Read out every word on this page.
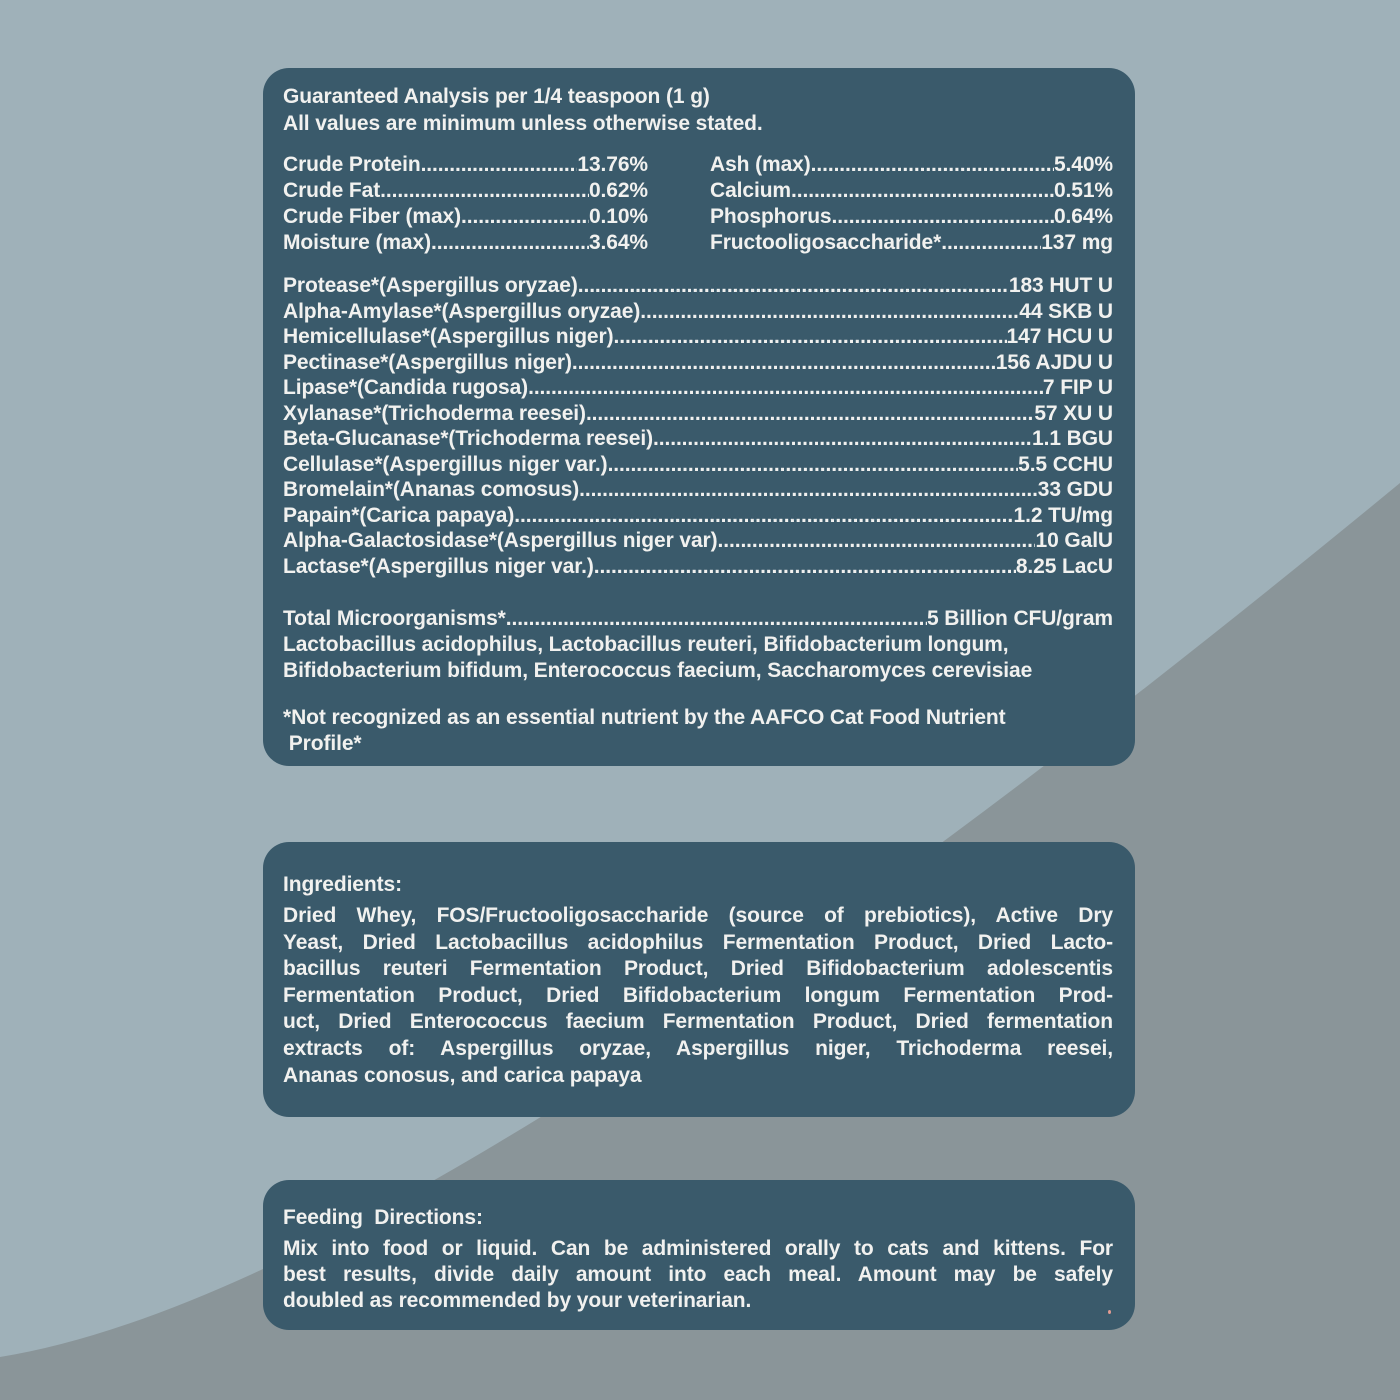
Guaranteed Analysis per 1/4 teaspoon (1 g)
All values are minimum unless otherwise stated.
Crude Protein .....	13.76%
Crude Fat .....	0.62%
Crude Fiber (max) .....	0.10%
Moisture (max) .....	3.64%
Ash (max) .....	5.40%
Calcium .....	0.51%
Phosphorus .....	0.64%
Fructooligosaccharide* .....	137 mg
Protease*(Aspergillus oryzae) .....	183 HUT U
Alpha-Amylase*(Aspergillus oryzae) .....	44 SKB U
Hemicellulase*(Aspergillus niger) .....	147 HCU U
Pectinase*(Aspergillus niger) .....	156 AJDU U
Lipase*(Candida rugosa) .....	7 FIP U
Xylanase*(Trichoderma reesei) .....	57 XU U
Beta-Glucanase*(Trichoderma reesei) .....	1.1 BGU
Cellulase*(Aspergillus niger var.) .....	5.5 CCHU
Bromelain*(Ananas comosus) .....	33 GDU
Papain*(Carica papaya) .....	1.2 TU/mg
Alpha-Galactosidase*(Aspergillus niger var) .....	10 GalU
Lactase*(Aspergillus niger var.) .....	8.25 LacU
Total Microorganisms* .....	5 Billion CFU/gram
Lactobacillus acidophilus, Lactobacillus reuteri, Bifidobacterium longum,
Bifidobacterium bifidum, Enterococcus faecium, Saccharomyces cerevisiae
*Not recognized as an essential nutrient by the AAFCO Cat Food Nutrient
Profile*
Ingredients:
Dried Whey, FOS/Fructooligosaccharide (source of prebiotics), Active Dry
Yeast, Dried Lactobacillus acidophilus Fermentation Product, Dried Lacto-
bacillus reuteri Fermentation Product, Dried Bifidobacterium adolescentis
Fermentation Product, Dried Bifidobacterium longum Fermentation Prod-
uct, Dried Enterococcus faecium Fermentation Product, Dried fermentation
extracts of: Aspergillus oryzae, Aspergillus niger, Trichoderma reesei,
Ananas conosus, and carica papaya
Feeding  Directions:
Mix into food or liquid. Can be administered orally to cats and kittens. For
best results, divide daily amount into each meal. Amount may be safely
doubled as recommended by your veterinarian.
